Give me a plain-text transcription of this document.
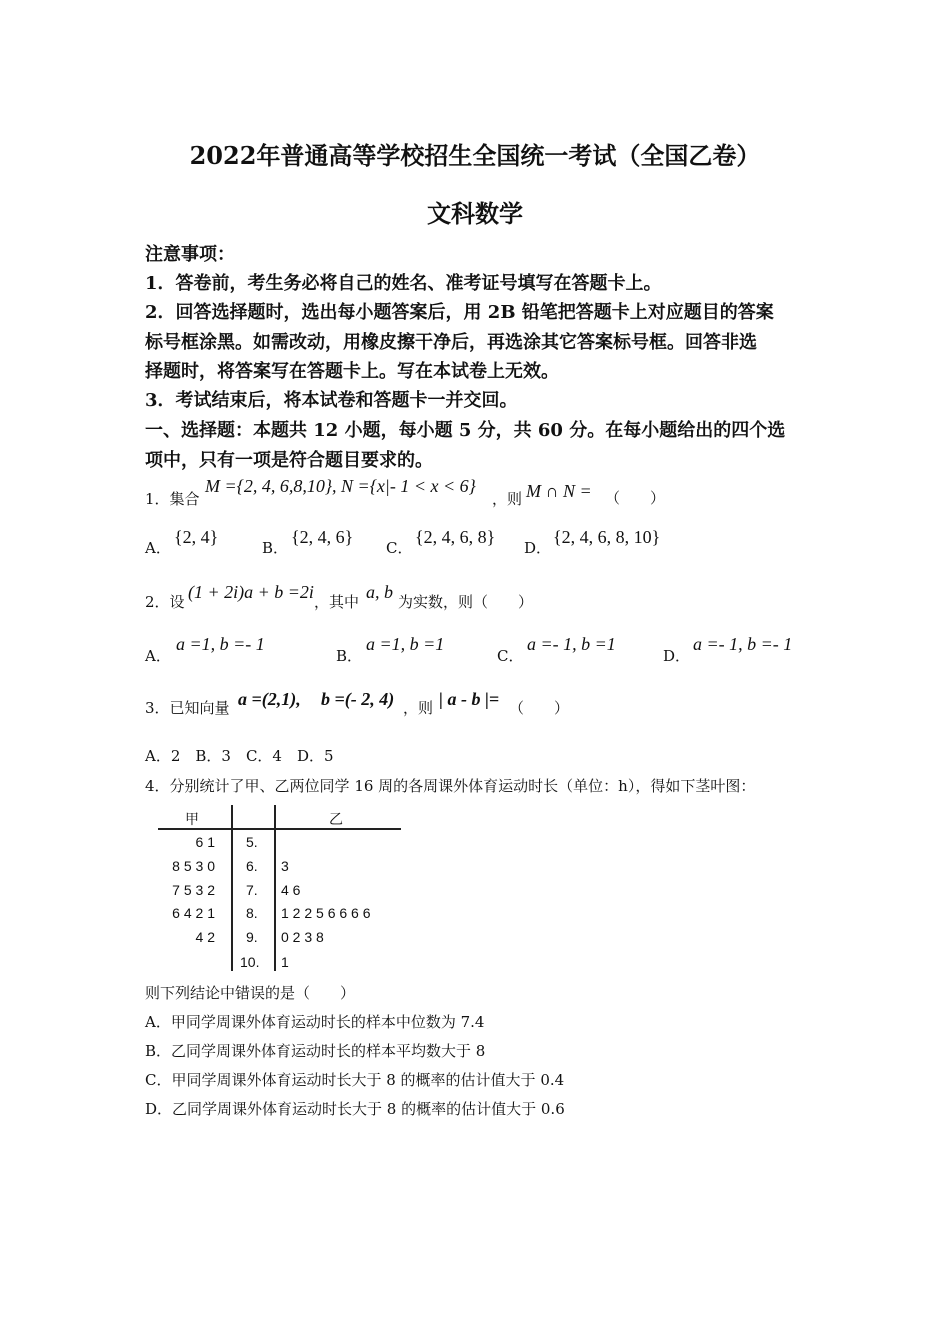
2022年普通高等学校招生全国统一考试（全国乙卷）
文科数学
注意事项：
1．答卷前，考生务必将自己的姓名、准考证号填写在答题卡上。
2．回答选择题时，选出每小题答案后，用 2B 铅笔把答题卡上对应题目的答案
标号框涂黑。如需改动，用橡皮擦干净后，再选涂其它答案标号框。回答非选
择题时，将答案写在答题卡上。写在本试卷上无效。
3．考试结束后，将本试卷和答题卡一并交回。
一、选择题：本题共 12 小题，每小题 5 分，共 60 分。在每小题给出的四个选
项中，只有一项是符合题目要求的。
1．集合
M ={2, 4, 6,8,10}, N ={x|- 1 < x < 6}
，则 M ∩ N = （　　）
A．
{2, 4}
B．
{2, 4, 6}
C．
{2, 4, 6, 8}
D．
{2, 4, 6, 8, 10}
2．设 (1 + 2i)a + b =2i ，其中 a, b 为实数，则（　　）
A．
a =1, b =- 1
B．
a =1, b =1
C．
a =- 1, b =1
D．
a =- 1, b =- 1
3．已知向量 a =(2,1), b =(- 2, 4) ，则 | a - b |= （　　）
A．2　B．3　C．4　D．5
4．分别统计了甲、乙两位同学 16 周的各周课外体育运动时长（单位：h），得如下茎叶图：
甲	乙
6 1 5.
8 5 3 0 6. 3
7 5 3 2 7. 4 6
6 4 2 1 8. 1 2 2 5 6 6 6 6
4 2 9. 0 2 3 8
10. 1
则下列结论中错误的是（　　）
A．甲同学周课外体育运动时长的样本中位数为 7.4
B．乙同学周课外体育运动时长的样本平均数大于 8
C．甲同学周课外体育运动时长大于 8 的概率的估计值大于 0.4
D．乙同学周课外体育运动时长大于 8 的概率的估计值大于 0.6
